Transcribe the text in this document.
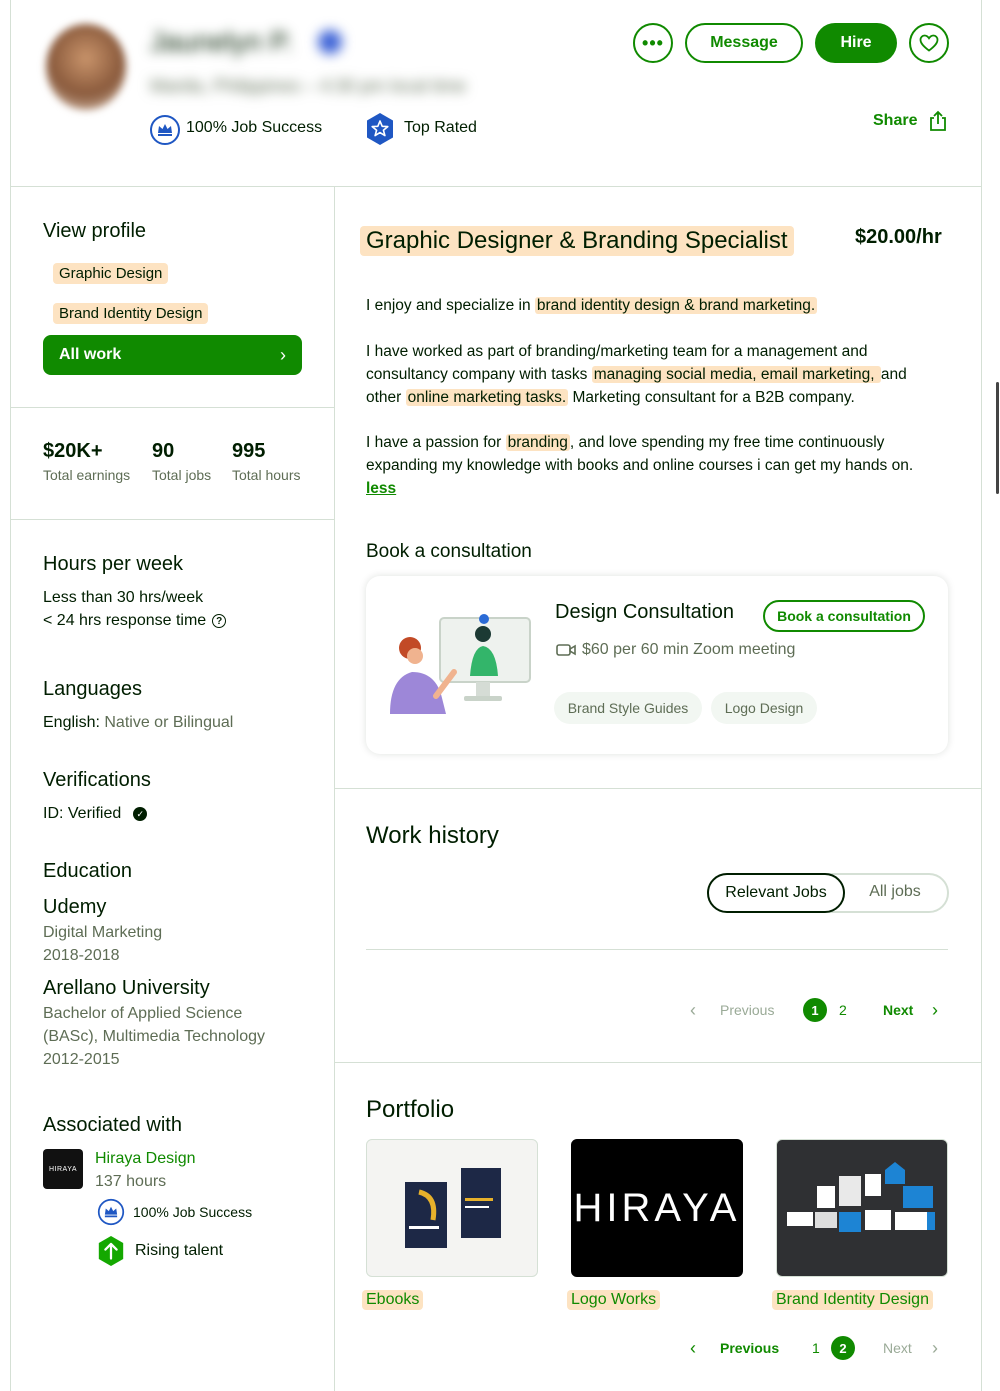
Jaunelyn P.
Manila, Philippines – 4:30 pm local time
100% Job Success	Top Rated
•••	Message	Hire
Share
View profile
Graphic Design
Brand Identity Design
All work	›
$20K+
Total earnings
90
Total jobs
995
Total hours
Hours per week
Less than 30 hrs/week
< 24 hrs response time ?
Languages
English: Native or Bilingual
Verifications
ID: Verified	✓
Education
Udemy
Digital Marketing
2018-2018
Arellano University
Bachelor of Applied Science
(BASc), Multimedia Technology
2012-2015
Associated with
HIRAYA
Hiraya Design
137 hours
100% Job Success
Rising talent
Graphic Designer & Branding Specialist	$20.00/hr
I enjoy and specialize in brand identity design & brand marketing.
I have worked as part of branding/marketing team for a management and
consultancy company with tasks managing social media, email marketing, and
other online marketing tasks. Marketing consultant for a B2B company.
I have a passion for branding , and love spending my free time continuously
expanding my knowledge with books and online courses i can get my hands on.
less
Book a consultation
Design Consultation	Book a consultation
$60 per 60 min Zoom meeting
Brand Style Guides	Logo Design
Work history
Relevant Jobs	All jobs
‹ Previous	1	2	Next ›
Portfolio
HIRAYA
Ebooks	Logo Works	Brand Identity Design
‹ Previous 1	2	Next ›
